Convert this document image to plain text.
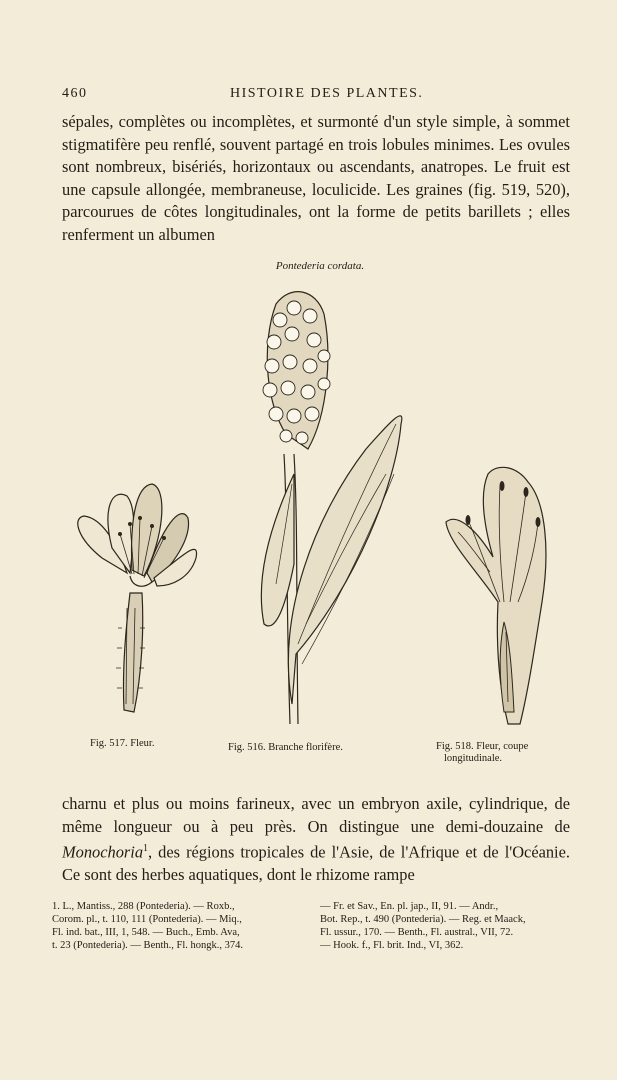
460	HISTOIRE DES PLANTES.

sépales, complètes ou incomplètes, et surmonté d'un style simple, à sommet stigmatifère peu renflé, souvent partagé en trois lobules minimes. Les ovules sont nombreux, bisériés, horizontaux ou ascendants, anatropes. Le fruit est une capsule allongée, membraneuse, loculicide. Les graines (fig. 519, 520), parcourues de côtes longitudinales, ont la forme de petits barillets ; elles renferment un albumen

Pontederia cordata.
Fig. 517. Fleur.	Fig. 516. Branche florifère.	Fig. 518. Fleur, coupe
longitudinale.

charnu et plus ou moins farineux, avec un embryon axile, cylindrique, de même longueur ou à peu près. On distingue une demi-douzaine de Monochoria$^1$, des régions tropicales de l'Asie, de l'Afrique et de l'Océanie. Ce sont des herbes aquatiques, dont le rhizome rampe

1. L., Mantiss., 288 (Pontederia). — Roxb.,
Corom. pl., t. 110, 111 (Pontederia). — Miq.,
Fl. ind. bat., III, 1, 548. — Buch., Emb. Ava,
t. 23 (Pontederia). — Benth., Fl. hongk., 374.
— Fr. et Sav., En. pl. jap., II, 91. — Andr.,
Bot. Rep., t. 490 (Pontederia). — Reg. et Maack,
Fl. ussur., 170. — Benth., Fl. austral., VII, 72.
— Hook. f., Fl. brit. Ind., VI, 362.
